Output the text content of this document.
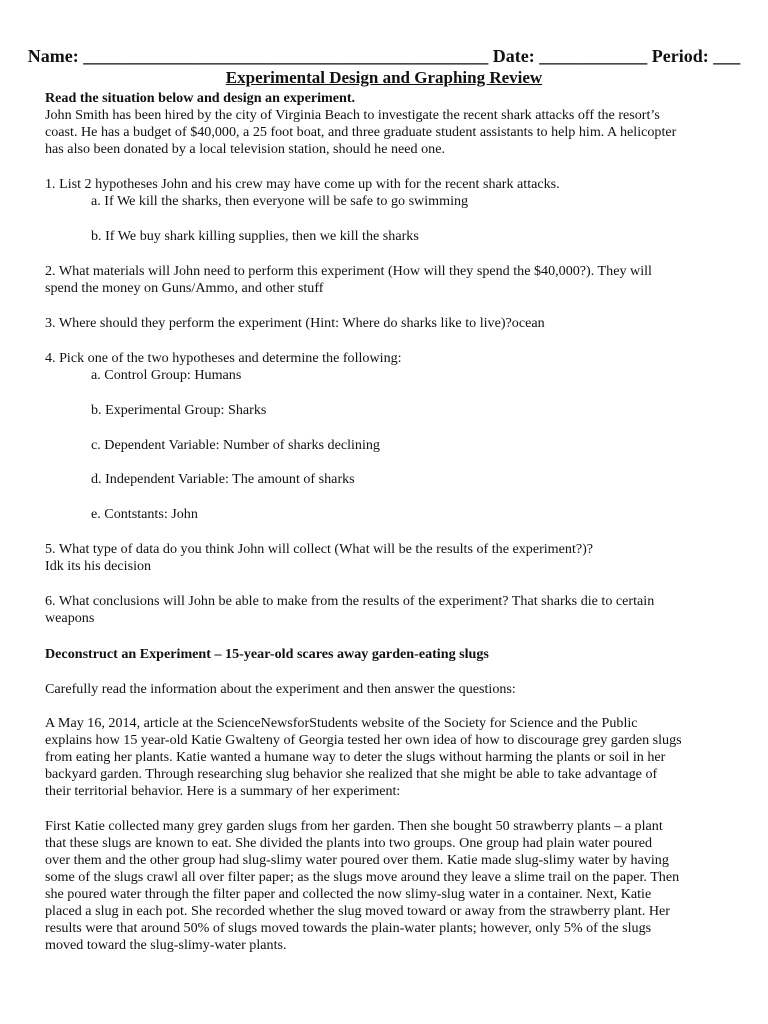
Name: _____________________________________________ Date: ____________ Period: ___
Experimental Design and Graphing Review
Read the situation below and design an experiment.
John Smith has been hired by the city of Virginia Beach to investigate the recent shark attacks off the resort’s
coast. He has a budget of $40,000, a 25 foot boat, and three graduate student assistants to help him. A helicopter
has also been donated by a local television station, should he need one.
1. List 2 hypotheses John and his crew may have come up with for the recent shark attacks.
a. If We kill the sharks, then everyone will be safe to go swimming
b. If We buy shark killing supplies, then we kill the sharks
2. What materials will John need to perform this experiment (How will they spend the $40,000?). They will
spend the money on Guns/Ammo, and other stuff
3. Where should they perform the experiment (Hint: Where do sharks like to live)?ocean
4. Pick one of the two hypotheses and determine the following:
a. Control Group: Humans
b. Experimental Group: Sharks
c. Dependent Variable: Number of sharks declining
d. Independent Variable: The amount of sharks
e. Contstants: John
5. What type of data do you think John will collect (What will be the results of the experiment?)?
Idk its his decision
6. What conclusions will John be able to make from the results of the experiment? That sharks die to certain
weapons
Deconstruct an Experiment – 15-year-old scares away garden-eating slugs
Carefully read the information about the experiment and then answer the questions:
A May 16, 2014, article at the ScienceNewsforStudents website of the Society for Science and the Public
explains how 15 year-old Katie Gwalteny of Georgia tested her own idea of how to discourage grey garden slugs
from eating her plants. Katie wanted a humane way to deter the slugs without harming the plants or soil in her
backyard garden. Through researching slug behavior she realized that she might be able to take advantage of
their territorial behavior. Here is a summary of her experiment:
First Katie collected many grey garden slugs from her garden. Then she bought 50 strawberry plants – a plant
that these slugs are known to eat. She divided the plants into two groups. One group had plain water poured
over them and the other group had slug-slimy water poured over them. Katie made slug-slimy water by having
some of the slugs crawl all over filter paper; as the slugs move around they leave a slime trail on the paper. Then
she poured water through the filter paper and collected the now slimy-slug water in a container. Next, Katie
placed a slug in each pot. She recorded whether the slug moved toward or away from the strawberry plant. Her
results were that around 50% of slugs moved towards the plain-water plants; however, only 5% of the slugs
moved toward the slug-slimy-water plants.
